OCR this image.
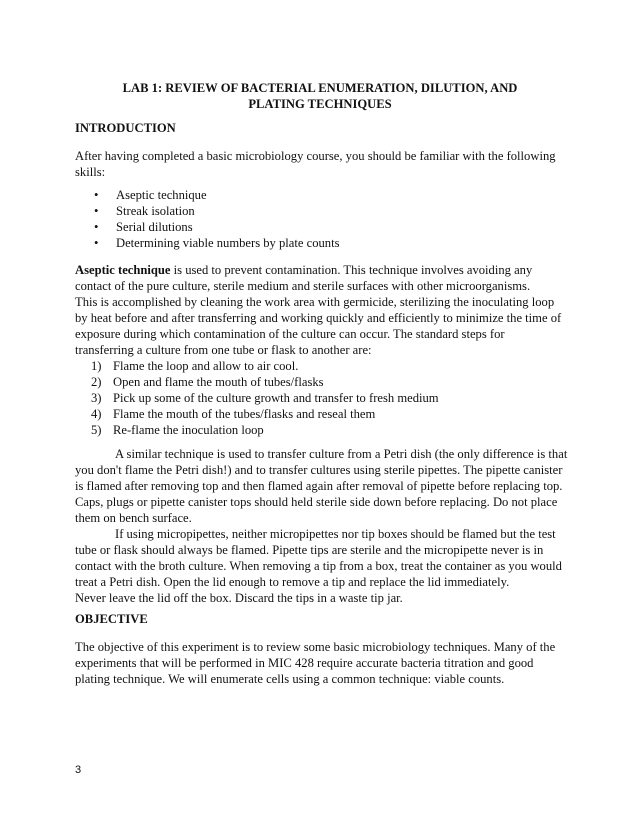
LAB 1: REVIEW OF BACTERIAL ENUMERATION, DILUTION, AND
PLATING TECHNIQUES
INTRODUCTION
After having completed a basic microbiology course, you should be familiar with the following
skills:
• Aseptic technique
• Streak isolation
• Serial dilutions
• Determining viable numbers by plate counts
Aseptic technique is used to prevent contamination. This technique involves avoiding any
contact of the pure culture, sterile medium and sterile surfaces with other microorganisms.
This is accomplished by cleaning the work area with germicide, sterilizing the inoculating loop
by heat before and after transferring and working quickly and efficiently to minimize the time of
exposure during which contamination of the culture can occur. The standard steps for
transferring a culture from one tube or flask to another are:
1) Flame the loop and allow to air cool.
2) Open and flame the mouth of tubes/flasks
3) Pick up some of the culture growth and transfer to fresh medium
4) Flame the mouth of the tubes/flasks and reseal them
5) Re-flame the inoculation loop
A similar technique is used to transfer culture from a Petri dish (the only difference is that
you don't flame the Petri dish!) and to transfer cultures using sterile pipettes. The pipette canister
is flamed after removing top and then flamed again after removal of pipette before replacing top.
Caps, plugs or pipette canister tops should held sterile side down before replacing. Do not place
them on bench surface.
If using micropipettes, neither micropipettes nor tip boxes should be flamed but the test
tube or flask should always be flamed. Pipette tips are sterile and the micropipette never is in
contact with the broth culture. When removing a tip from a box, treat the container as you would
treat a Petri dish. Open the lid enough to remove a tip and replace the lid immediately.
Never leave the lid off the box. Discard the tips in a waste tip jar.
OBJECTIVE
The objective of this experiment is to review some basic microbiology techniques. Many of the
experiments that will be performed in MIC 428 require accurate bacteria titration and good
plating technique. We will enumerate cells using a common technique: viable counts.
3
